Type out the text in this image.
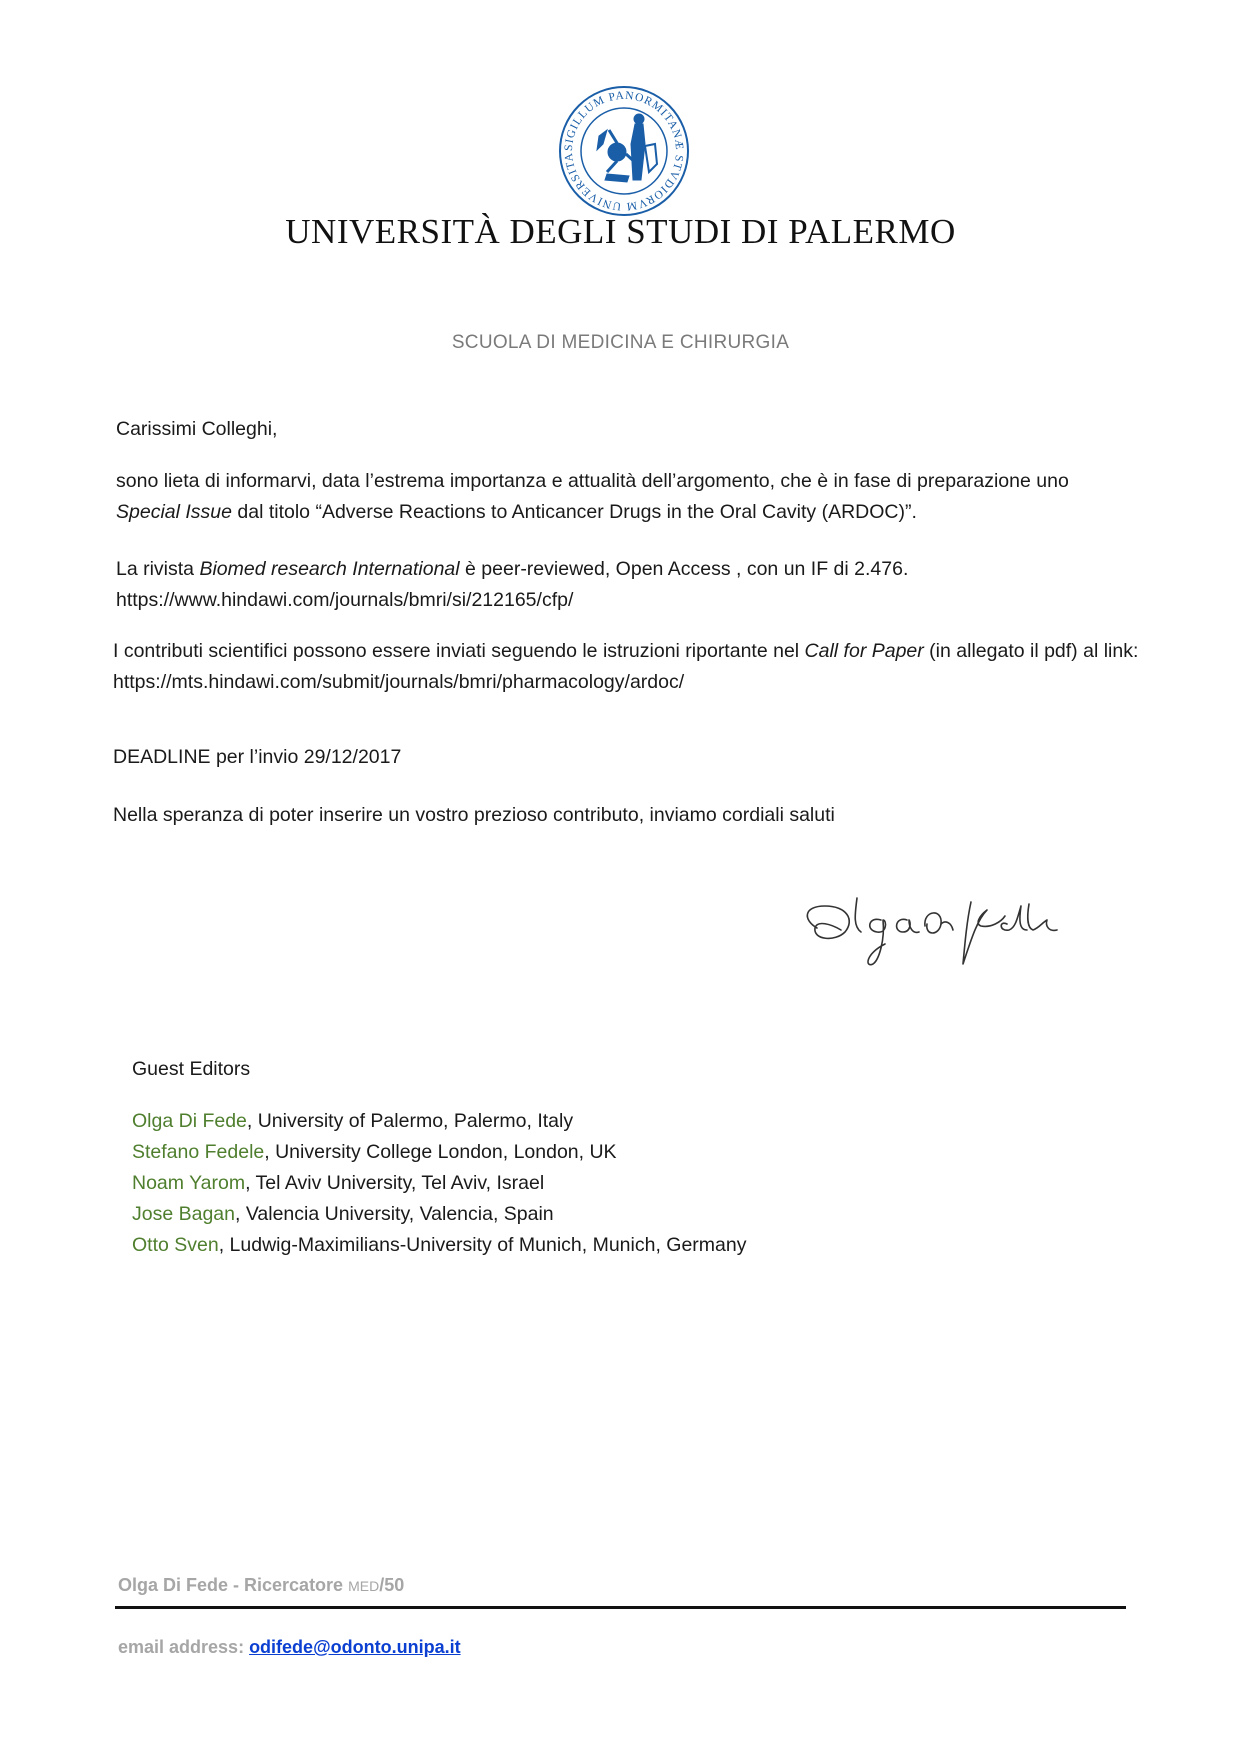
SIGILLUM PANORMITANÆ STVDIORVM UNIVERSITA
UNIVERSITÀ DEGLI STUDI DI PALERMO
SCUOLA DI MEDICINA E CHIRURGIA
Carissimi Colleghi,
sono lieta di informarvi, data l’estrema importanza e attualità dell’argomento, che è in fase di preparazione uno Special Issue dal titolo “Adverse Reactions to Anticancer Drugs in the Oral Cavity (ARDOC)”.
La rivista Biomed research International è peer-reviewed, Open Access , con un IF di 2.476.
https://www.hindawi.com/journals/bmri/si/212165/cfp/
I contributi scientifici possono essere inviati seguendo le istruzioni riportante nel Call for Paper (in allegato il pdf) al link: https://mts.hindawi.com/submit/journals/bmri/pharmacology/ardoc/
DEADLINE per l’invio 29/12/2017
Nella speranza di poter inserire un vostro prezioso contributo, inviamo cordiali saluti
Guest Editors
Olga Di Fede, University of Palermo, Palermo, Italy
Stefano Fedele, University College London, London, UK
Noam Yarom, Tel Aviv University, Tel Aviv, Israel
Jose Bagan, Valencia University, Valencia, Spain
Otto Sven, Ludwig-Maximilians-University of Munich, Munich, Germany
Olga Di Fede - Ricercatore MED/50
email address: odifede@odonto.unipa.it
